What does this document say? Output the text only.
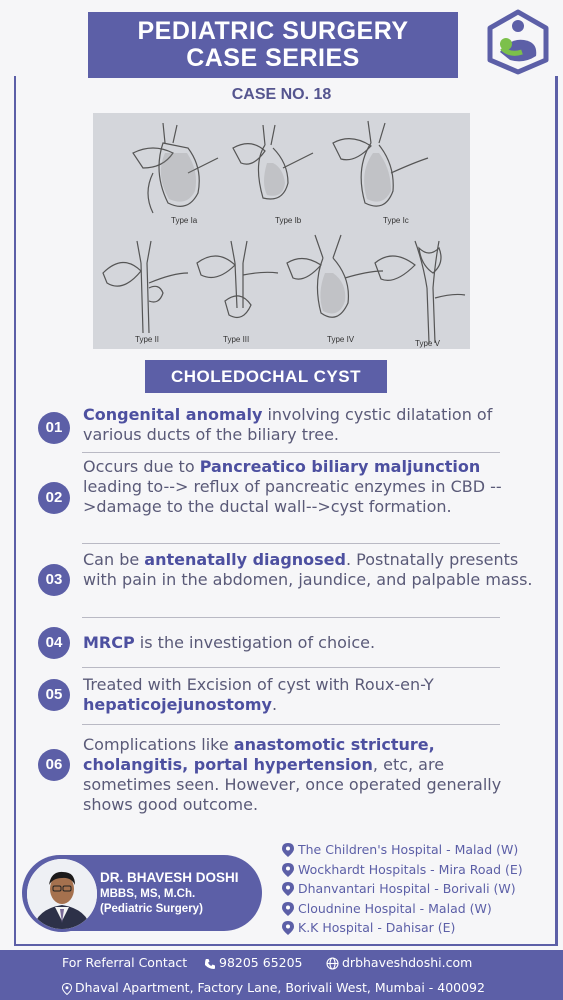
PEDIATRIC SURGERY
CASE SERIES
CASE NO. 18
Type Ia	Type Ib	Type Ic
Type II	Type III	Type IV	Type V
CHOLEDOCHAL CYST
01
Congenital anomaly involving cystic dilatation of various ducts of the biliary tree.
02
Occurs due to Pancreatico biliary maljunction leading to--> reflux of pancreatic enzymes in CBD -->damage to the ductal wall-->cyst formation.
03
Can be antenatally diagnosed. Postnatally presents with pain in the abdomen, jaundice, and palpable mass.
04	MRCP is the investigation of choice.
05
Treated with Excision of cyst with Roux-en-Y hepaticojejunostomy.
06
Complications like anastomotic stricture, cholangitis, portal hypertension, etc, are sometimes seen. However, once operated generally shows good outcome.
DR. BHAVESH DOSHI
MBBS, MS, M.Ch.
(Pediatric Surgery)
The Children's Hospital - Malad (W)
Wockhardt Hospitals - Mira Road (E)
Dhanvantari Hospital - Borivali (W)
Cloudnine Hospital - Malad (W)
K.K Hospital - Dahisar (E)
For Referral Contact	98205 65205	drbhaveshdoshi.com
Dhaval Apartment, Factory Lane, Borivali West, Mumbai - 400092
